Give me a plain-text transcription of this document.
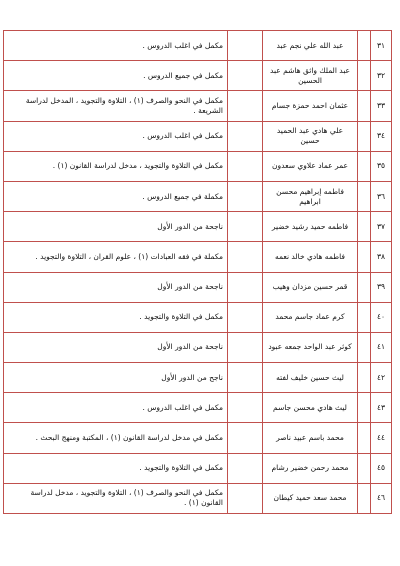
٣١		عبد الله علي نجم عبد		مكمل في اغلب الدروس .
٣٢		عبد الملك واثق هاشم عبد الحسين		مكمل في جميع الدروس .
٣٣		عثمان احمد حمزة جسام		مكمل في النحو والصرف (١) ، التلاوة والتجويد ، المدخل لدراسة الشريعة .
٣٤		علي هادي عبد الحميد حسين		مكمل في اغلب الدروس .
٣٥		عمر عماد علاوي سعدون		مكمل في التلاوة والتجويد ، مدخل لدراسة القانون (١) .
٣٦		فاطمه إبراهيم محسن ابراهيم		مكملة في جميع الدروس .
٣٧		فاطمه حميد رشيد خضير		ناجحة من الدور الأول
٣٨		فاطمه هادي خالد نعمه		مكملة في فقه العبادات (١) ، علوم القران ، التلاوة والتجويد .
٣٩		قمر حسين مزدان وهيب		ناجحة من الدور الأول
٤٠		كرم عماد جاسم محمد		مكمل في التلاوة والتجويد .
٤١		كوثر عبد الواحد جمعه عبود		ناجحة من الدور الأول
٤٢		ليث حسين خليف لفته		ناجح من الدور الأول
٤٣		ليث هادي محسن جاسم		مكمل في اغلب الدروس .
٤٤		محمد باسم عبيد ناصر		مكمل في مدخل لدراسة القانون (١) ، المكتبة ومنهج البحث .
٤٥		محمد رحمن خضير رشام		مكمل في التلاوة والتجويد .
٤٦		محمد سعد حميد كيطان		مكمل في النحو والصرف (١) ، التلاوة والتجويد ، مدخل لدراسة القانون (١) .
